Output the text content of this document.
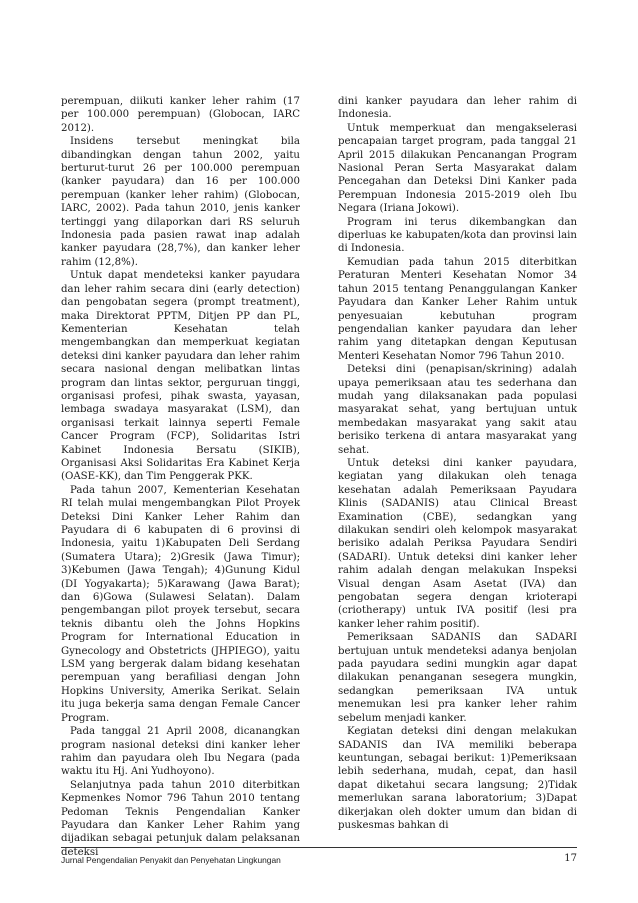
perempuan, diikuti kanker leher rahim (17 per 100.000 perempuan) (Globocan, IARC 2012).

Insidens tersebut meningkat bila dibandingkan dengan tahun 2002, yaitu berturut-turut 26 per 100.000 perempuan (kanker payudara) dan 16 per 100.000 perempuan (kanker leher rahim) (Globocan, IARC, 2002). Pada tahun 2010, jenis kanker tertinggi yang dilaporkan dari RS seluruh Indonesia pada pasien rawat inap adalah kanker payudara (28,7%), dan kanker leher rahim (12,8%).

Untuk dapat mendeteksi kanker payudara dan leher rahim secara dini (early detection) dan pengobatan segera (prompt treatment), maka Direktorat PPTM, Ditjen PP dan PL, Kementerian Kesehatan telah mengembangkan dan memperkuat kegiatan deteksi dini kanker payudara dan leher rahim secara nasional dengan melibatkan lintas program dan lintas sektor, perguruan tinggi, organisasi profesi, pihak swasta, yayasan, lembaga swadaya masyarakat (LSM), dan organisasi terkait lainnya seperti Female Cancer Program (FCP), Solidaritas Istri Kabinet Indonesia Bersatu (SIKIB), Organisasi Aksi Solidaritas Era Kabinet Kerja (OASE-KK), dan Tim Penggerak PKK.

Pada tahun 2007, Kementerian Kesehatan RI telah mulai mengembangkan Pilot Proyek Deteksi Dini Kanker Leher Rahim dan Payudara di 6 kabupaten di 6 provinsi di Indonesia, yaitu 1)Kabupaten Deli Serdang (Sumatera Utara); 2)Gresik (Jawa Timur); 3)Kebumen (Jawa Tengah); 4)Gunung Kidul (DI Yogyakarta); 5)Karawang (Jawa Barat); dan 6)Gowa (Sulawesi Selatan). Dalam pengembangan pilot proyek tersebut, secara teknis dibantu oleh the Johns Hopkins Program for International Education in Gynecology and Obstetricts (JHPIEGO), yaitu LSM yang bergerak dalam bidang kesehatan perempuan yang berafiliasi dengan John Hopkins University, Amerika Serikat. Selain itu juga bekerja sama dengan Female Cancer Program.

Pada tanggal 21 April 2008, dicanangkan program nasional deteksi dini kanker leher rahim dan payudara oleh Ibu Negara (pada waktu itu Hj. Ani Yudhoyono).

Selanjutnya pada tahun 2010 diterbitkan Kepmenkes Nomor 796 Tahun 2010 tentang Pedoman Teknis Pengendalian Kanker Payudara dan Kanker Leher Rahim yang dijadikan sebagai petunjuk dalam pelaksanan deteksi

dini kanker payudara dan leher rahim di Indonesia.

Untuk memperkuat dan mengakselerasi pencapaian target program, pada tanggal 21 April 2015 dilakukan Pencanangan Program Nasional Peran Serta Masyarakat dalam Pencegahan dan Deteksi Dini Kanker pada Perempuan Indonesia 2015-2019 oleh Ibu Negara (Iriana Jokowi).

Program ini terus dikembangkan dan diperluas ke kabupaten/kota dan provinsi lain di Indonesia.

Kemudian pada tahun 2015 diterbitkan Peraturan Menteri Kesehatan Nomor 34 tahun 2015 tentang Penanggulangan Kanker Payudara dan Kanker Leher Rahim untuk penyesuaian kebutuhan program pengendalian kanker payudara dan leher rahim yang ditetapkan dengan Keputusan Menteri Kesehatan Nomor 796 Tahun 2010.

Deteksi dini (penapisan/skrining) adalah upaya pemeriksaan atau tes sederhana dan mudah yang dilaksanakan pada populasi masyarakat sehat, yang bertujuan untuk membedakan masyarakat yang sakit atau berisiko terkena di antara masyarakat yang sehat.

Untuk deteksi dini kanker payudara, kegiatan yang dilakukan oleh tenaga kesehatan adalah Pemeriksaan Payudara Klinis (SADANIS) atau Clinical Breast Examination (CBE), sedangkan yang dilakukan sendiri oleh kelompok masyarakat berisiko adalah Periksa Payudara Sendiri (SADARI). Untuk deteksi dini kanker leher rahim adalah dengan melakukan Inspeksi Visual dengan Asam Asetat (IVA) dan pengobatan segera dengan krioterapi (criotherapy) untuk IVA positif (lesi pra kanker leher rahim positif).

Pemeriksaan SADANIS dan SADARI bertujuan untuk mendeteksi adanya benjolan pada payudara sedini mungkin agar dapat dilakukan penanganan sesegera mungkin, sedangkan pemeriksaan IVA untuk menemukan lesi pra kanker leher rahim sebelum menjadi kanker.

Kegiatan deteksi dini dengan melakukan SADANIS dan IVA memiliki beberapa keuntungan, sebagai berikut: 1)Pemeriksaan lebih sederhana, mudah, cepat, dan hasil dapat diketahui secara langsung; 2)Tidak memerlukan sarana laboratorium; 3)Dapat dikerjakan oleh dokter umum dan bidan di puskesmas bahkan di

Jurnal Pengendalian Penyakit dan Penyehatan Lingkungan	17
